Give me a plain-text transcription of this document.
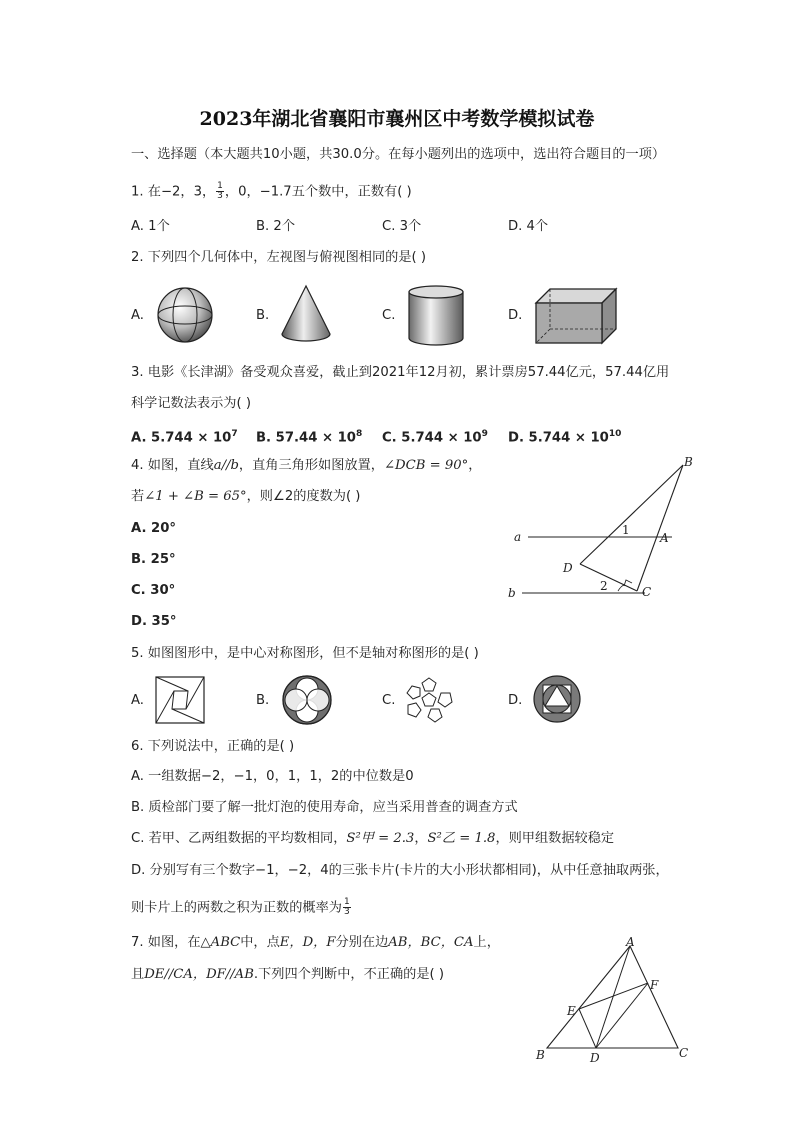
2023年湖北省襄阳市襄州区中考数学模拟试卷
一、选择题（本大题共10小题，共30.0分。在每小题列出的选项中，选出符合题目的一项）
1. 在−2，3， $\frac{1}{3}$ ，0，−1.7五个数中，正数有( )
A. 1个	B. 2个	C. 3个	D. 4个
2. 下列四个几何体中，左视图与俯视图相同的是( )
A.	B.	C.	D.
3. 电影《长津湖》备受观众喜爱，截止到2021年12月初，累计票房57.44亿元，57.44亿用
科学记数法表示为( )
A. $5.744 \times 10^7$ B. $57.44 \times 10^8$ C. $5.744 \times 10^9$ D. $5.744 \times 10^{10}$
4. 如图，直线a//b，直角三角形如图放置，∠DCB = 90°，
若∠1 + ∠B = 65°，则∠2的度数为( )
A. 20°
B. 25°
C. 30°
D. 35°
B
a	1
A
D
b	2	C
5. 如图图形中，是中心对称图形，但不是轴对称图形的是( )
A.	B.	C.	D.
6. 下列说法中，正确的是( )
A. 一组数据−2，−1，0，1，1，2的中位数是0
B. 质检部门要了解一批灯泡的使用寿命，应当采用普查的调查方式
C. 若甲、乙两组数据的平均数相同，S²甲 = 2.3，S²乙 = 1.8，则甲组数据较稳定
D. 分别写有三个数字−1，−2，4的三张卡片(卡片的大小形状都相同)，从中任意抽取两张，
则卡片上的两数之积为正数的概率为 $\frac{1}{3}$
7. 如图，在△ABC中，点E，D，F分别在边AB，BC，CA上，
且DE//CA，DF//AB.下列四个判断中，不正确的是( )
A
F
E
B	D	C
